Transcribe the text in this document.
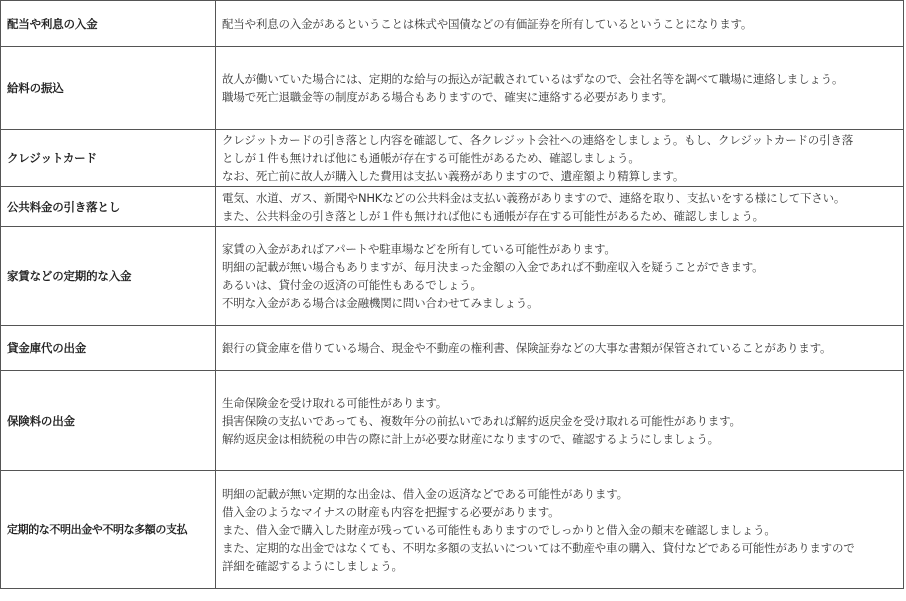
配当や利息の入金	配当や利息の入金があるということは株式や国債などの有価証券を所有しているということになります。

給料の振込	故人が働いていた場合には、定期的な給与の振込が記載されているはずなので、会社名等を調べて職場に連絡しましょう。
職場で死亡退職金等の制度がある場合もありますので、確実に連絡する必要があります。

クレジットカード	クレジットカードの引き落とし内容を確認して、各クレジット会社への連絡をしましょう。もし、クレジットカードの引き落
としが１件も無ければ他にも通帳が存在する可能性があるため、確認しましょう。
なお、死亡前に故人が購入した費用は支払い義務がありますので、遺産額より精算します。

公共料金の引き落とし	電気、水道、ガス、新聞やNHKなどの公共料金は支払い義務がありますので、連絡を取り、支払いをする様にして下さい。
また、公共料金の引き落としが１件も無ければ他にも通帳が存在する可能性があるため、確認しましょう。

家賃などの定期的な入金	家賃の入金があればアパートや駐車場などを所有している可能性があります。
明細の記載が無い場合もありますが、毎月決まった金額の入金であれば不動産収入を疑うことができます。
あるいは、貸付金の返済の可能性もあるでしょう。
不明な入金がある場合は金融機関に問い合わせてみましょう。

貸金庫代の出金	銀行の貸金庫を借りている場合、現金や不動産の権利書、保険証券などの大事な書類が保管されていることがあります。

保険料の出金	生命保険金を受け取れる可能性があります。
損害保険の支払いであっても、複数年分の前払いであれば解約返戻金を受け取れる可能性があります。
解約返戻金は相続税の申告の際に計上が必要な財産になりますので、確認するようにしましょう。

定期的な不明出金や不明な多額の支払	明細の記載が無い定期的な出金は、借入金の返済などである可能性があります。
借入金のようなマイナスの財産も内容を把握する必要があります。
また、借入金で購入した財産が残っている可能性もありますのでしっかりと借入金の顛末を確認しましょう。
また、定期的な出金ではなくても、不明な多額の支払いについては不動産や車の購入、貸付などである可能性がありますので
詳細を確認するようにしましょう。
